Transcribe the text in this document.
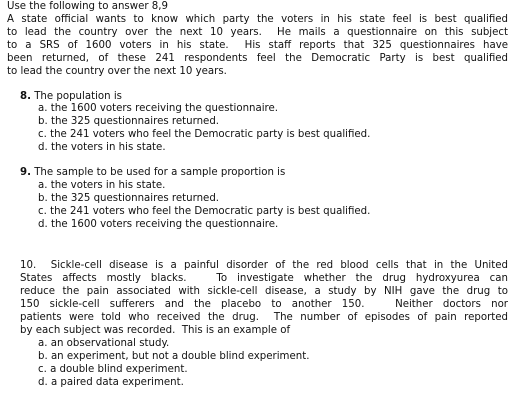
Use the following to answer 8,9
A state official wants to know which party the voters in his state feel is best qualified
to lead the country over the next 10 years.  He mails a questionnaire on this subject
to a SRS of 1600 voters in his state.  His staff reports that 325 questionnaires have
been returned, of these 241 respondents feel the Democratic Party is best qualified
to lead the country over the next 10 years.
8. The population is
a. the 1600 voters receiving the questionnaire.
b. the 325 questionnaires returned.
c. the 241 voters who feel the Democratic party is best qualified.
d. the voters in his state.
9. The sample to be used for a sample proportion is
a. the voters in his state.
b. the 325 questionnaires returned.
c. the 241 voters who feel the Democratic party is best qualified.
d. the 1600 voters receiving the questionnaire.
10.  Sickle-cell disease is a painful disorder of the red blood cells that in the United
States affects mostly blacks.   To investigate whether the drug hydroxyurea can
reduce the pain associated with sickle-cell disease, a study by NIH gave the drug to
150 sickle-cell sufferers and the placebo to another 150.   Neither doctors nor
patients were told who received the drug.  The number of episodes of pain reported
by each subject was recorded.  This is an example of
a. an observational study.
b. an experiment, but not a double blind experiment.
c. a double blind experiment.
d. a paired data experiment.
